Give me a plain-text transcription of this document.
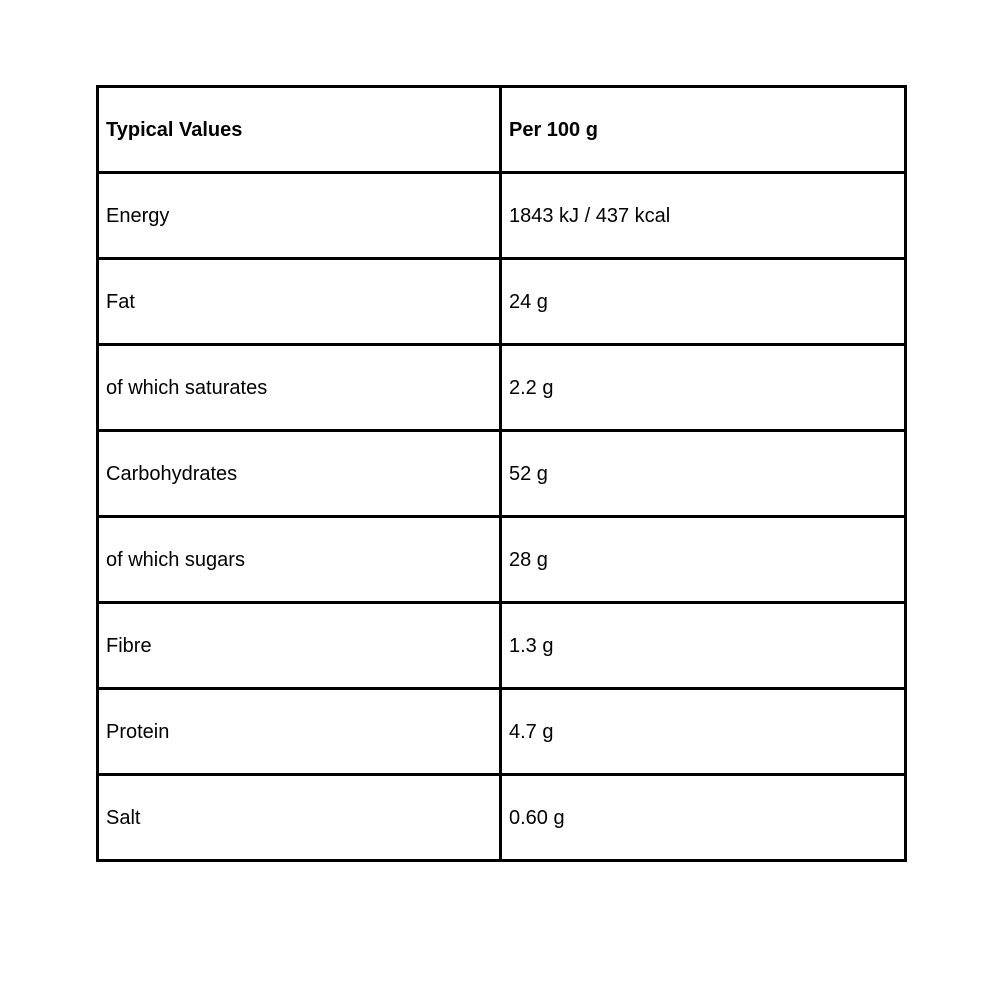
Typical Values	Per 100 g
Energy	1843 kJ / 437 kcal
Fat	24 g
of which saturates	2.2 g
Carbohydrates	52 g
of which sugars	28 g
Fibre	1.3 g
Protein	4.7 g
Salt	0.60 g
